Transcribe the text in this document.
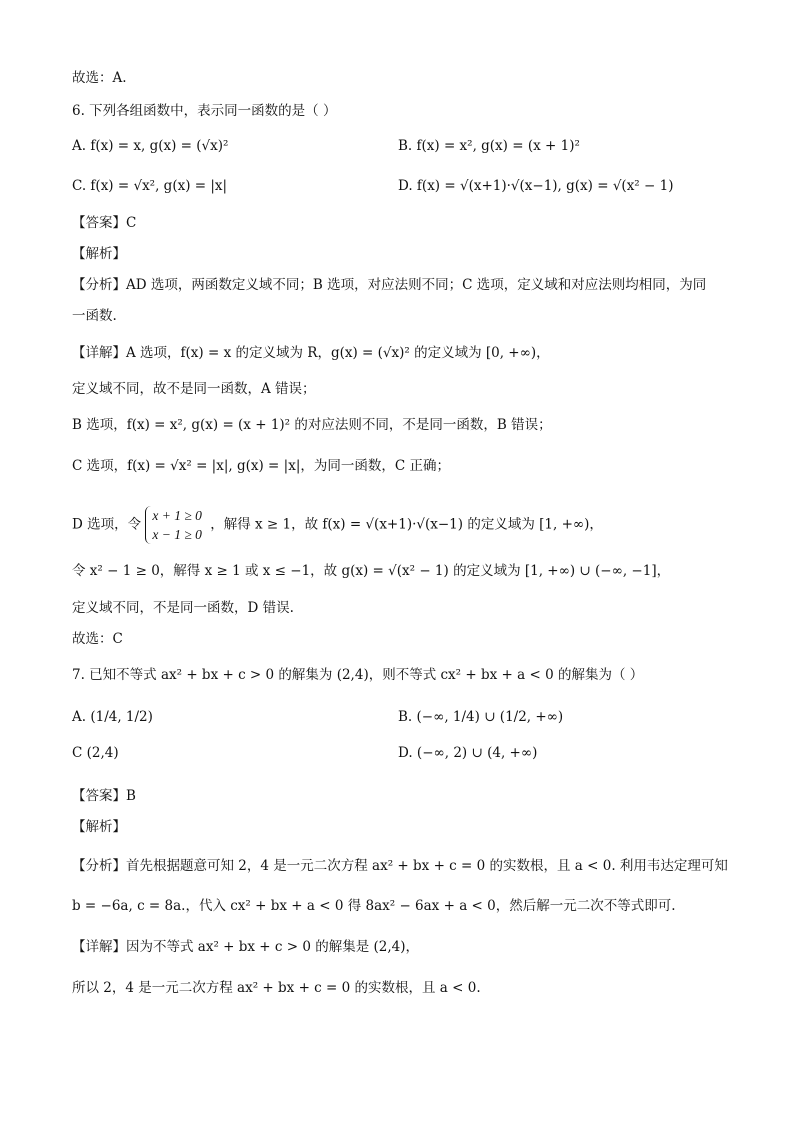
故选：A.
6. 下列各组函数中，表示同一函数的是（ ）
A. f(x) = x, g(x) = (√x)²	B. f(x) = x², g(x) = (x + 1)²
C. f(x) = √x², g(x) = |x|	D. f(x) = √(x+1)·√(x−1), g(x) = √(x² − 1)
【答案】C
【解析】
【分析】AD 选项，两函数定义域不同；B 选项，对应法则不同；C 选项，定义域和对应法则均相同，为同
一函数.
【详解】A 选项，f(x) = x 的定义域为 R，g(x) = (√x)² 的定义域为 [0, +∞)，
定义域不同，故不是同一函数，A 错误；
B 选项，f(x) = x², g(x) = (x + 1)² 的对应法则不同，不是同一函数，B 错误；
C 选项，f(x) = √x² = |x|, g(x) = |x|，为同一函数，C 正确；
D 选项，令 x + 1 ≥ 0
x − 1 ≥ 0 ，解得 x ≥ 1，故 f(x) = √(x+1)·√(x−1) 的定义域为 [1, +∞)，
令 x² − 1 ≥ 0，解得 x ≥ 1 或 x ≤ −1，故 g(x) = √(x² − 1) 的定义域为 [1, +∞) ∪ (−∞, −1]，
定义域不同，不是同一函数，D 错误.
故选：C
7. 已知不等式 ax² + bx + c > 0 的解集为 (2,4)，则不等式 cx² + bx + a < 0 的解集为（ ）
A. (1/4, 1/2)	B. (−∞, 1/4) ∪ (1/2, +∞)
C (2,4)	D. (−∞, 2) ∪ (4, +∞)
【答案】B
【解析】
【分析】首先根据题意可知 2，4 是一元二次方程 ax² + bx + c = 0 的实数根，且 a < 0. 利用韦达定理可知
b = −6a, c = 8a.，代入 cx² + bx + a < 0 得 8ax² − 6ax + a < 0，然后解一元二次不等式即可.
【详解】因为不等式 ax² + bx + c > 0 的解集是 (2,4)，
所以 2，4 是一元二次方程 ax² + bx + c = 0 的实数根，且 a < 0.
